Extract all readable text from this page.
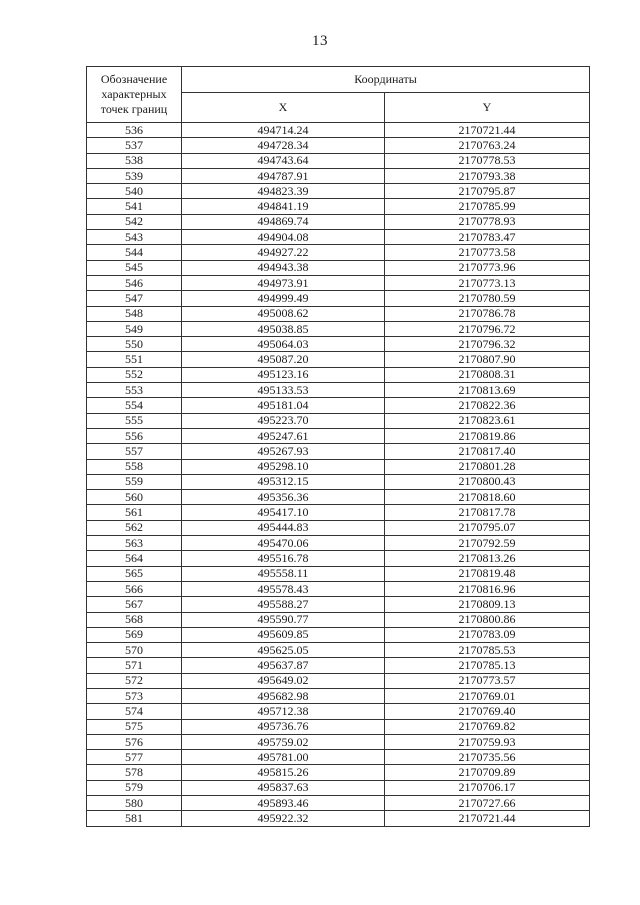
13
Обозначение характерных точек границ	Координаты	
	X	Y
536	494714.24	2170721.44
537	494728.34	2170763.24
538	494743.64	2170778.53
539	494787.91	2170793.38
540	494823.39	2170795.87
541	494841.19	2170785.99
542	494869.74	2170778.93
543	494904.08	2170783.47
544	494927.22	2170773.58
545	494943.38	2170773.96
546	494973.91	2170773.13
547	494999.49	2170780.59
548	495008.62	2170786.78
549	495038.85	2170796.72
550	495064.03	2170796.32
551	495087.20	2170807.90
552	495123.16	2170808.31
553	495133.53	2170813.69
554	495181.04	2170822.36
555	495223.70	2170823.61
556	495247.61	2170819.86
557	495267.93	2170817.40
558	495298.10	2170801.28
559	495312.15	2170800.43
560	495356.36	2170818.60
561	495417.10	2170817.78
562	495444.83	2170795.07
563	495470.06	2170792.59
564	495516.78	2170813.26
565	495558.11	2170819.48
566	495578.43	2170816.96
567	495588.27	2170809.13
568	495590.77	2170800.86
569	495609.85	2170783.09
570	495625.05	2170785.53
571	495637.87	2170785.13
572	495649.02	2170773.57
573	495682.98	2170769.01
574	495712.38	2170769.40
575	495736.76	2170769.82
576	495759.02	2170759.93
577	495781.00	2170735.56
578	495815.26	2170709.89
579	495837.63	2170706.17
580	495893.46	2170727.66
581	495922.32	2170721.44
